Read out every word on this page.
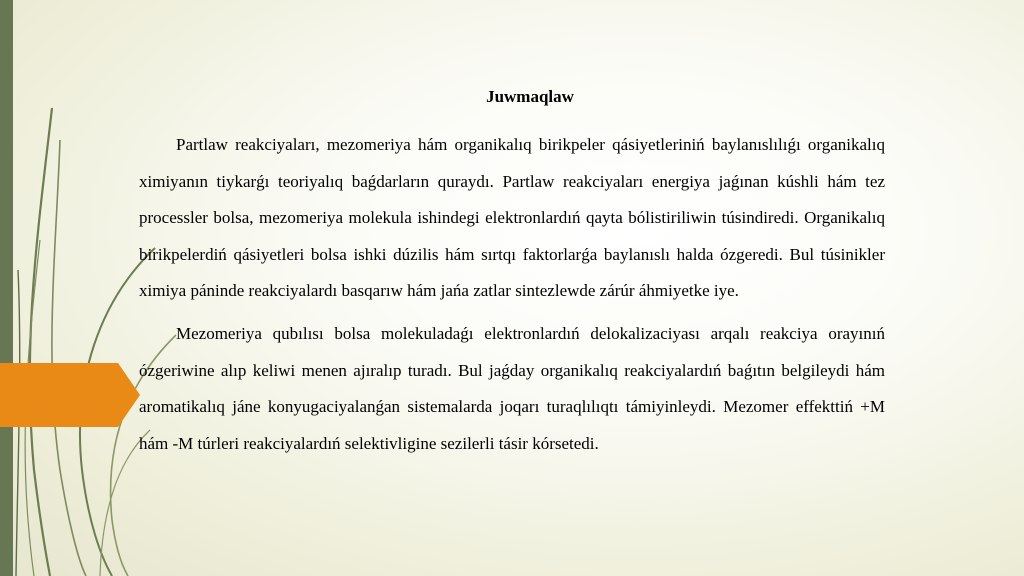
Juwmaqlaw

Partlaw reakciyaları, mezomeriya hám organikalıq birikpeler qásiyetleriniń baylanıslılıǵı organikalıq ximiyanın tiykarǵı teoriyalıq baǵdarların quraydı. Partlaw reakciyaları energiya jaǵınan kúshli hám tez processler bolsa, mezomeriya molekula ishindegi elektronlardıń qayta bólistiriliwin túsindiredi. Organikalıq birikpelerdiń qásiyetleri bolsa ishki dúzilis hám sırtqı faktorlarǵa baylanıslı halda ózgeredi. Bul túsinikler ximiya páninde reakciyalardı basqarıw hám jańa zatlar sintezlewde zárúr áhmiyetke iye.

Mezomeriya qubılısı bolsa molekuladaǵı elektronlardıń delokalizaciyası arqalı reakciya orayınıń ózgeriwine alıp keliwi menen ajıralıp turadı. Bul jaǵday organikalıq reakciyalardıń baǵıtın belgileydi hám aromatikalıq jáne konyugaciyalanǵan sistemalarda joqarı turaqlılıqtı támiyinleydi. Mezomer effekttiń +M hám -M túrleri reakciyalardıń selektivligine sezilerli tásir kórsetedi.
